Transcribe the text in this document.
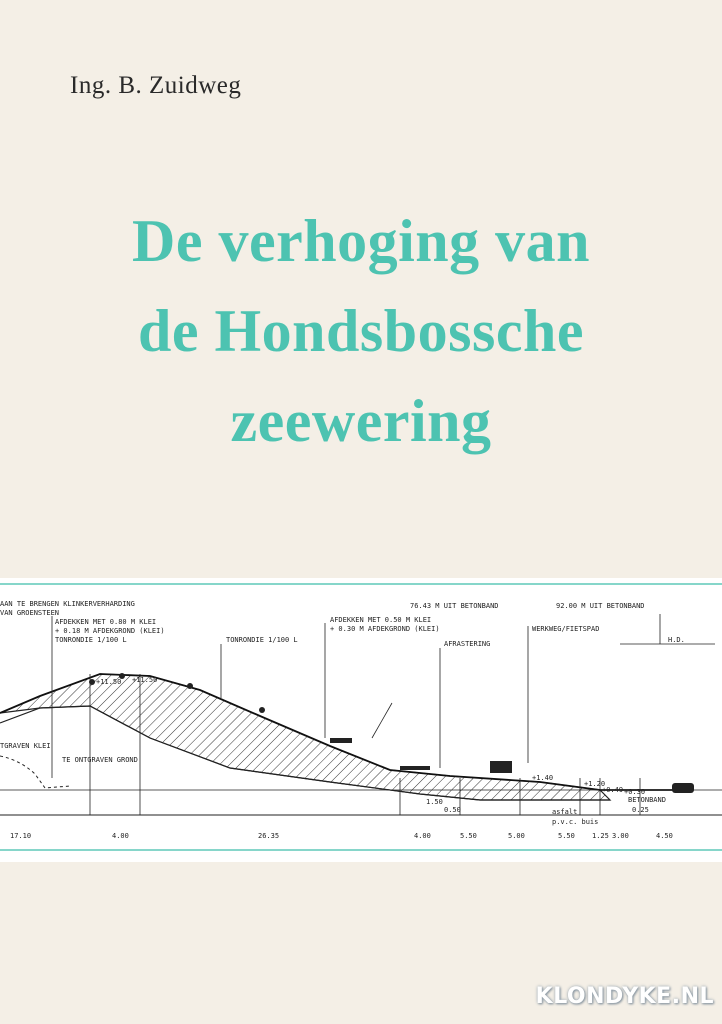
Ing. B. Zuidweg
De verhoging van
de Hondsbossche
zeewering
AAN TE BRENGEN KLINKERVERHARDING
VAN GROENSTEEN
AFDEKKEN MET 0.80 M KLEI
+ 0.18 M AFDEKGROND (KLEI)
TONRONDIE 1/100 L	TONRONDIE 1/100 L
AFDEKKEN MET 0.50 M KLEI
+ 0.30 M AFDEKGROND (KLEI)
AFRASTERING
76.43 M UIT BETONBAND
WERKWEG/FIETSPAD
92.00 M UIT BETONBAND
TGRAVEN KLEI
TE ONTGRAVEN GROND
+11.50 +11.50
+1.40
+1.20
+0.49 +0.30
17.10	4.00	26.35	4.00	5.50	5.00	5.50 1.25 3.00	4.50
0.50	0.25
1.50
p.v.c. buis
asfalt
H.D.
BETONBAND
KLONDYKE.NL
